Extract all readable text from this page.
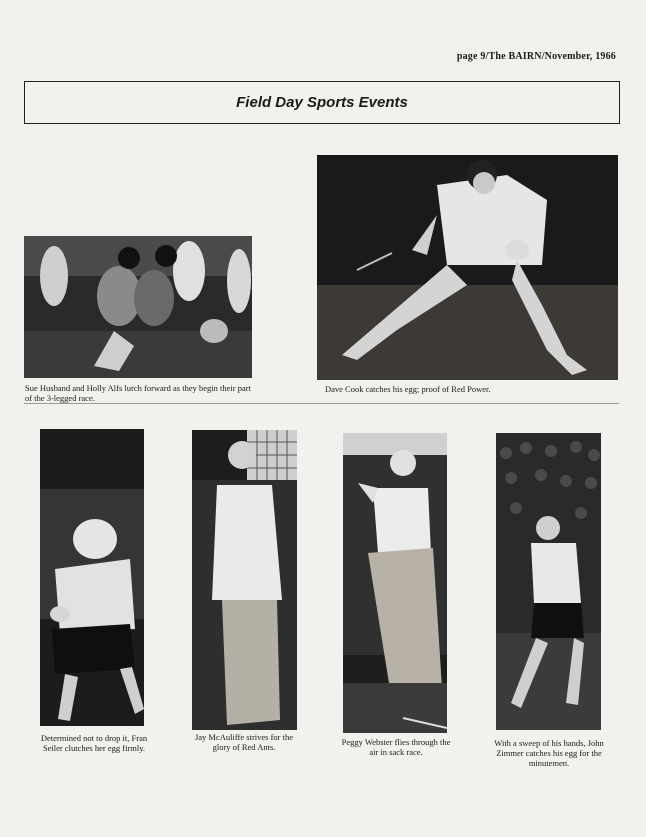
page 9/The BAIRN/November, 1966
Field Day Sports Events
Sue Husband and Holly Alfs lurch forward as they begin their part of the 3-legged race.
Dave Cook catches his egg; proof of Red Power.
Determined not to drop it, Fran Seiler clutches her egg firmly.
Jay McAuliffe strives for the glory of Red Ants.	Peggy Webster flies through the air in sack race.
With a sweep of his hands, John Zimmer catches his egg for the minutemen.
